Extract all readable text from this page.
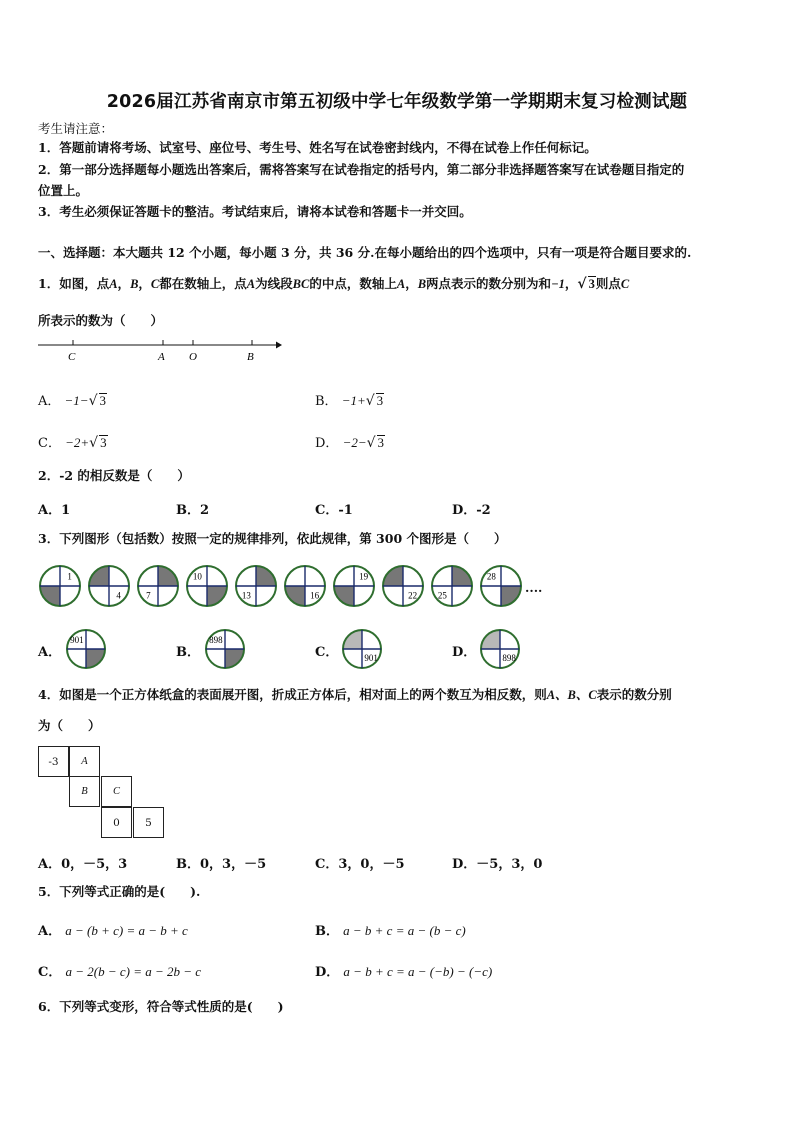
2026届江苏省南京市第五初级中学七年级数学第一学期期末复习检测试题
考生请注意：
1．答题前请将考场、试室号、座位号、考生号、姓名写在试卷密封线内，不得在试卷上作任何标记。
2．第一部分选择题每小题选出答案后，需将答案写在试卷指定的括号内，第二部分非选择题答案写在试卷题目指定的
位置上。
3．考生必须保证答题卡的整洁。考试结束后，请将本试卷和答题卡一并交回。
一、选择题：本大题共 12 个小题，每小题 3 分，共 36 分.在每小题给出的四个选项中，只有一项是符合题目要求的.
1．如图，点A，B，C都在数轴上，点A为线段BC的中点，数轴上A，B两点表示的数分别为和−1，√ 3则点C
所表示的数为（　　）
C	A O	B
A． −1−√ 3	B． −1+√ 3
C． −2+√ 3	D． −2−√ 3
2．-2 的相反数是（　　）
A．1	B．2	C．-1	D．-2
3．下列图形（包括数）按照一定的规律排列，依此规律，第 300 个图形是（　　）
1
4	7
10
13	16
19
22 25
28
....
A．
901
B．
898
C．	901	D．	898
4．如图是一个正方体纸盒的表面展开图，折成正方体后，相对面上的两个数互为相反数，则A、B、C表示的数分别
为（　　）
-3	A
B	C
0	5
A．0，－5，3	B．0，3，－5	C．3，0，－5	D．－5，3，0
5．下列等式正确的是(　　).
A． a − (b + c) = a − b + c	B． a − b + c = a − (b − c)
C． a − 2(b − c) = a − 2b − c	D． a − b + c = a − (−b) − (−c)
6．下列等式变形，符合等式性质的是(　　)
